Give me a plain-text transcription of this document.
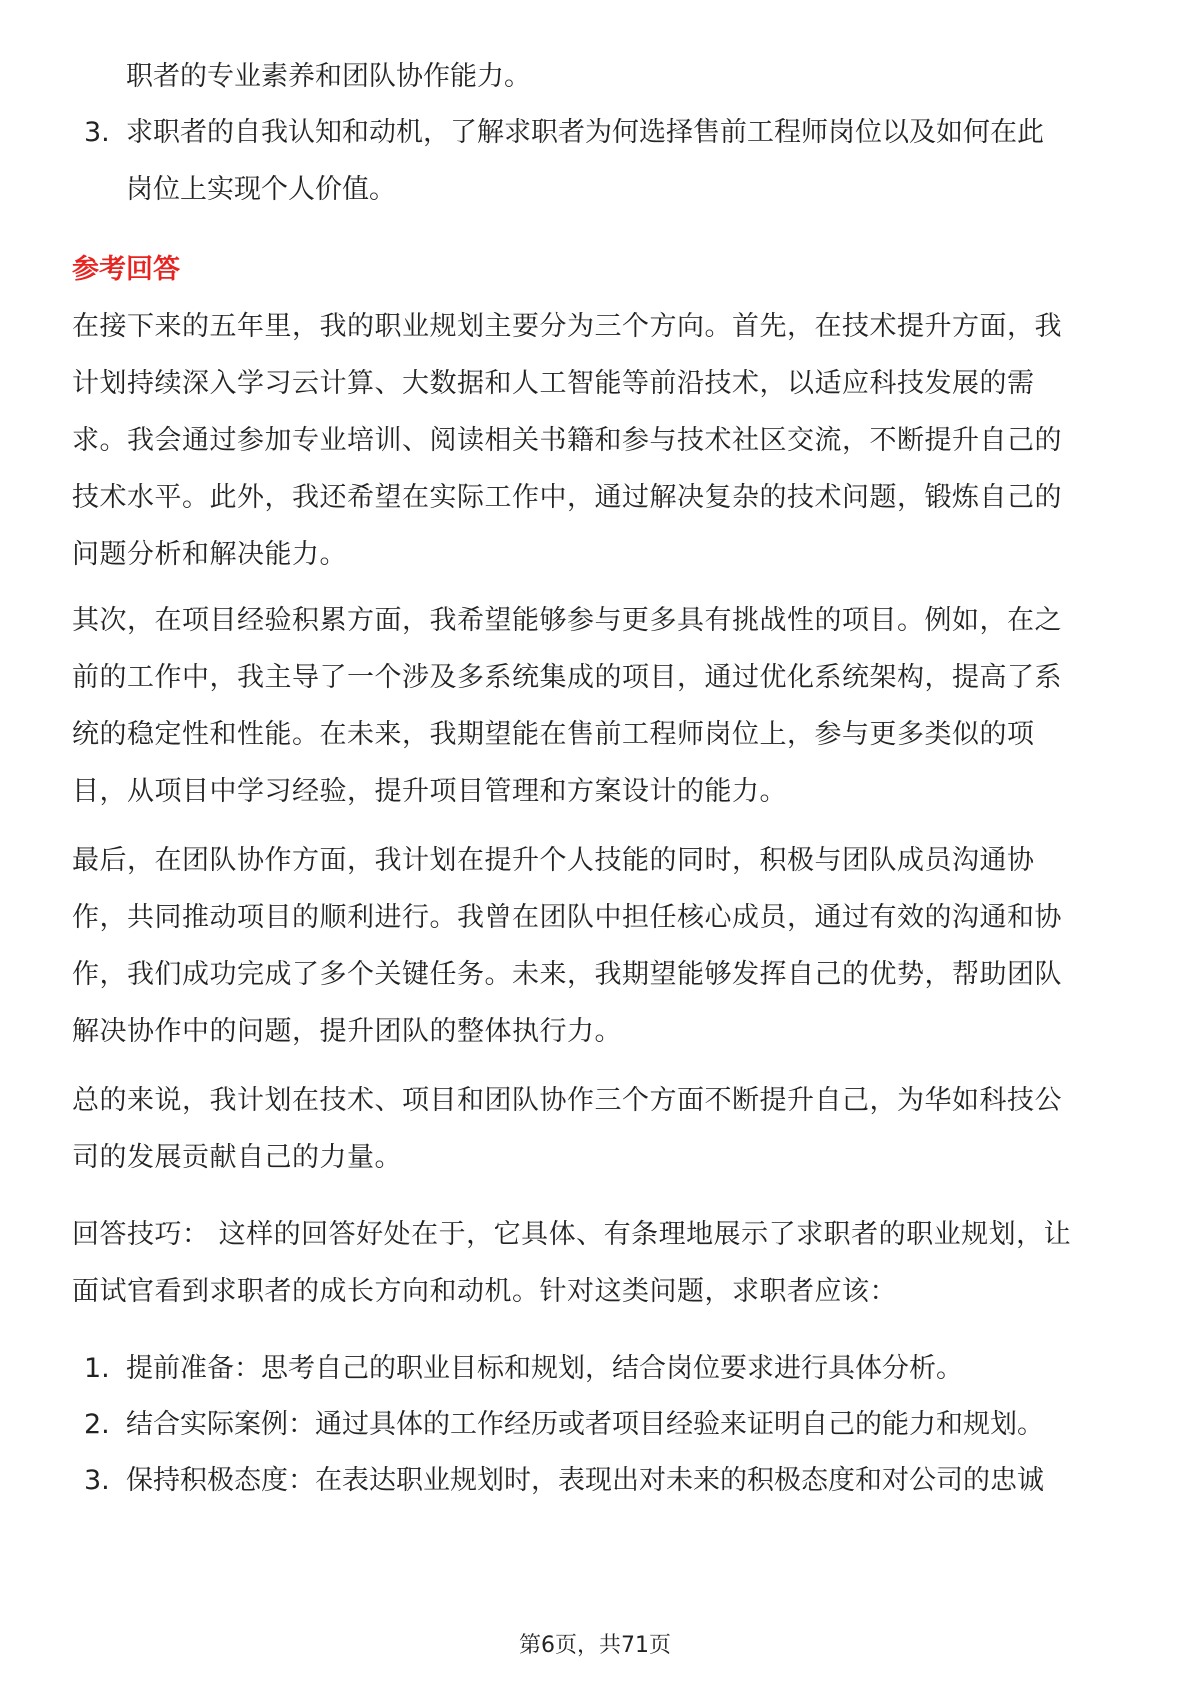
职者的专业素养和团队协作能力。
3. 求职者的自我认知和动机，了解求职者为何选择售前工程师岗位以及如何在此
岗位上实现个人价值。
参考回答
在接下来的五年里，我的职业规划主要分为三个方向。首先，在技术提升方面，我
计划持续深入学习云计算、大数据和人工智能等前沿技术，以适应科技发展的需
求。我会通过参加专业培训、阅读相关书籍和参与技术社区交流，不断提升自己的
技术水平。此外，我还希望在实际工作中，通过解决复杂的技术问题，锻炼自己的
问题分析和解决能力。
其次，在项目经验积累方面，我希望能够参与更多具有挑战性的项目。例如，在之
前的工作中，我主导了一个涉及多系统集成的项目，通过优化系统架构，提高了系
统的稳定性和性能。在未来，我期望能在售前工程师岗位上，参与更多类似的项
目，从项目中学习经验，提升项目管理和方案设计的能力。
最后，在团队协作方面，我计划在提升个人技能的同时，积极与团队成员沟通协
作，共同推动项目的顺利进行。我曾在团队中担任核心成员，通过有效的沟通和协
作，我们成功完成了多个关键任务。未来，我期望能够发挥自己的优势，帮助团队
解决协作中的问题，提升团队的整体执行力。
总的来说，我计划在技术、项目和团队协作三个方面不断提升自己，为华如科技公
司的发展贡献自己的力量。
回答技巧： 这样的回答好处在于，它具体、有条理地展示了求职者的职业规划，让
面试官看到求职者的成长方向和动机。针对这类问题，求职者应该：
1. 提前准备：思考自己的职业目标和规划，结合岗位要求进行具体分析。
2. 结合实际案例：通过具体的工作经历或者项目经验来证明自己的能力和规划。
3. 保持积极态度：在表达职业规划时，表现出对未来的积极态度和对公司的忠诚
第6页，共71页
